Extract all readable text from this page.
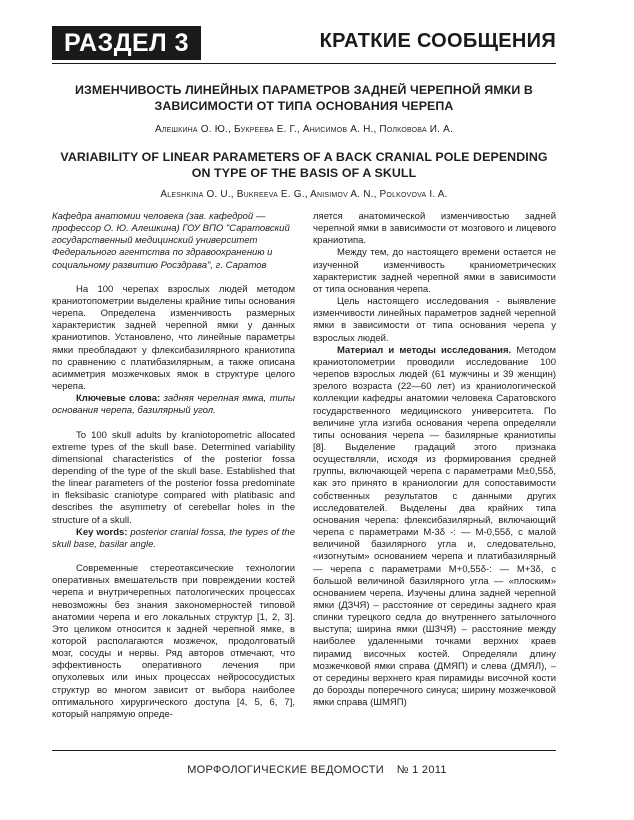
РАЗДЕЛ 3	КРАТКИЕ СООБЩЕНИЯ
ИЗМЕНЧИВОСТЬ ЛИНЕЙНЫХ ПАРАМЕТРОВ ЗАДНЕЙ ЧЕРЕПНОЙ ЯМКИ В ЗАВИСИМОСТИ ОТ ТИПА ОСНОВАНИЯ ЧЕРЕПА
Алешкина О. Ю., Букреева Е. Г., Анисимов А. Н., Полковова И. А.
VARIABILITY OF LINEAR PARAMETERS OF A BACK CRANIAL POLE DEPENDING ON TYPE OF THE BASIS OF A SKULL
Aleshkina O. U., Bukreeva E. G., Anisimov A. N., Polkovova I. A.

Кафедра анатомии человека (зав. кафедрой — профессор О. Ю. Алешкина) ГОУ ВПО "Саратовский государственный медицинский университет Федерального агентства по здравоохранению и социальному развитию Росздрава", г. Саратов

На 100 черепах взрослых людей методом краниотопометрии выделены крайние типы основания черепа. Определена изменчивость размерных характеристик задней черепной ямки у данных краниотипов. Установлено, что линейные параметры ямки преобладают у флексибазилярного краниотипа по сравнению с платибазилярным, а также описана асимметрия мозжечковых ямок в структуре целого черепа.

Ключевые слова: задняя черепная ямка, типы основания черепа, базилярный угол.

To 100 skull adults by kraniotopometric allocated extreme types of the skull base. Determined variability dimensional characteristics of the posterior fossa depending of the type of the skull base. Established that the linear parameters of the posterior fossa predominate in fleksibasic craniotype compared with platibasic and describes the asymmetry of cerebellar holes in the structure of a skull.

Key words: posterior cranial fossa, the types of the skull base, basilar angle.

Современные стереотаксические технологии оперативных вмешательств при повреждении костей черепа и внутричерепных патологических процессах невозможны без знания закономерностей типовой анатомии черепа и его локальных структур [1, 2, 3]. Это целиком относится к задней черепной ямке, в которой располагаются мозжечок, продолговатый мозг, сосуды и нервы. Ряд авторов отмечают, что эффективность оперативного лечения при опухолевых или иных процессах нейрососудистых структур во многом зависит от выбора наиболее оптимального хирургического доступа [4, 5, 6, 7], который напрямую опреде-

ляется анатомической изменчивостью задней черепной ямки в зависимости от мозгового и лицевого краниотипа.

Между тем, до настоящего времени остается не изученной изменчивость краниометрических характеристик задней черепной ямки в зависимости от типа основания черепа.

Цель настоящего исследования - выявление изменчивости линейных параметров задней черепной ямки в зависимости от типа основания черепа у взрослых людей.

Материал и методы исследования. Методом краниотопометрии проводили исследование 100 черепов взрослых людей (61 мужчины и 39 женщин) зрелого возраста (22—60 лет) из краниологической коллекции кафедры анатомии человека Саратовского государственного медицинского университета. По величине угла изгиба основания черепа определяли типы основания черепа — базилярные краниотипы [8]. Выделение градаций этого признака осуществляли, исходя из формирования средней группы, включающей черепа с параметрами M±0,55δ, как это принято в краниологии для сопоставимости собственных результатов с данными других исследователей. Выделены два крайних типа основания черепа: флексибазилярный, включающий черепа с параметрами M-3δ -: — M-0,55δ, с малой величиной базилярного угла и, следовательно, «изогнутым» основанием черепа и платибазилярный — черепа с параметрами M+0,55δ-: — M+3δ, с большой величиной базилярного угла — «плоским» основанием черепа. Изучены длина задней черепной ямки (ДЗЧЯ) – расстояние от середины заднего края спинки турецкого седла до внутреннего затылочного выступа; ширина ямки (ШЗЧЯ) – расстояние между наиболее удаленными точками верхних краев пирамид височных костей. Определяли длину мозжечковой ямки справа (ДМЯП) и слева (ДМЯЛ), – от середины верхнего края пирамиды височной кости до борозды поперечного синуса; ширину мозжечковой ямки справа (ШМЯП)

МОРФОЛОГИЧЕСКИЕ ВЕДОМОСТИ № 1 2011
